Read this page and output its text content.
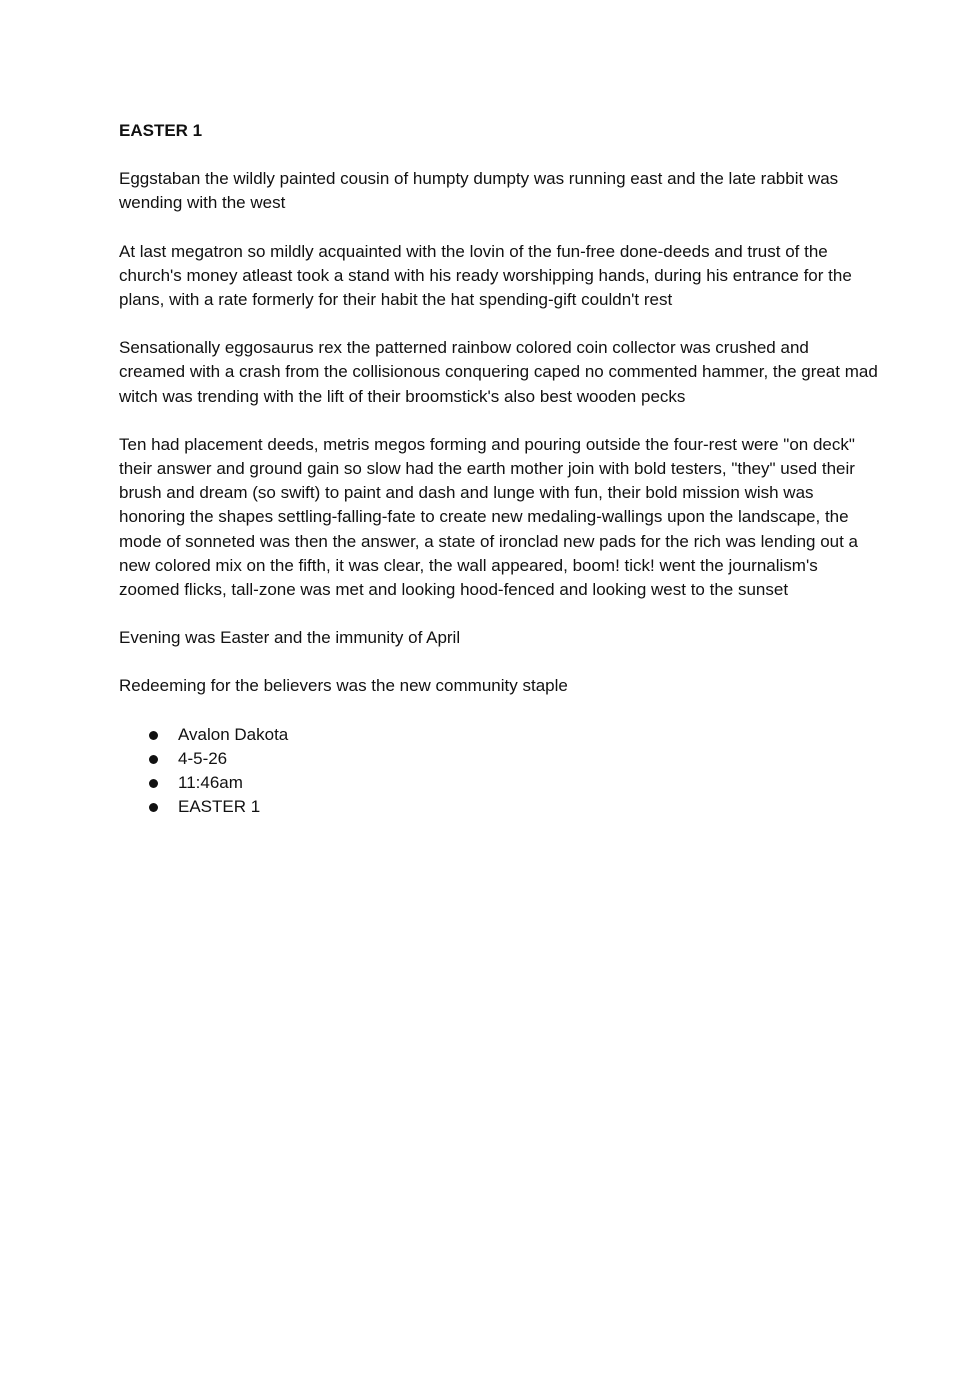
EASTER 1

Eggstaban the wildly painted cousin of humpty dumpty was running east and the late rabbit was wending with the west

At last megatron so mildly acquainted with the lovin of the fun-free done-deeds and trust of the church's money atleast took a stand with his ready worshipping hands, during his entrance for the plans, with a rate formerly for their habit the hat spending-gift couldn't rest

Sensationally eggosaurus rex the patterned rainbow colored coin collector was crushed and creamed with a crash from the collisionous conquering caped no commented hammer, the great mad witch was trending with the lift of their broomstick's also best wooden pecks

Ten had placement deeds, metris megos forming and pouring outside the four-rest were "on deck" their answer and ground gain so slow had the earth mother join with bold testers, "they" used their brush and dream (so swift) to paint and dash and lunge with fun, their bold mission wish was honoring the shapes settling-falling-fate to create new medaling-wallings upon the landscape, the mode of sonneted was then the answer, a state of ironclad new pads for the rich was lending out a new colored mix on the fifth, it was clear, the wall appeared, boom! tick! went the journalism's zoomed flicks, tall-zone was met and looking hood-fenced and looking west to the sunset

Evening was Easter and the immunity of April

Redeeming for the believers was the new community staple

Avalon Dakota
4-5-26
11:46am
EASTER 1
